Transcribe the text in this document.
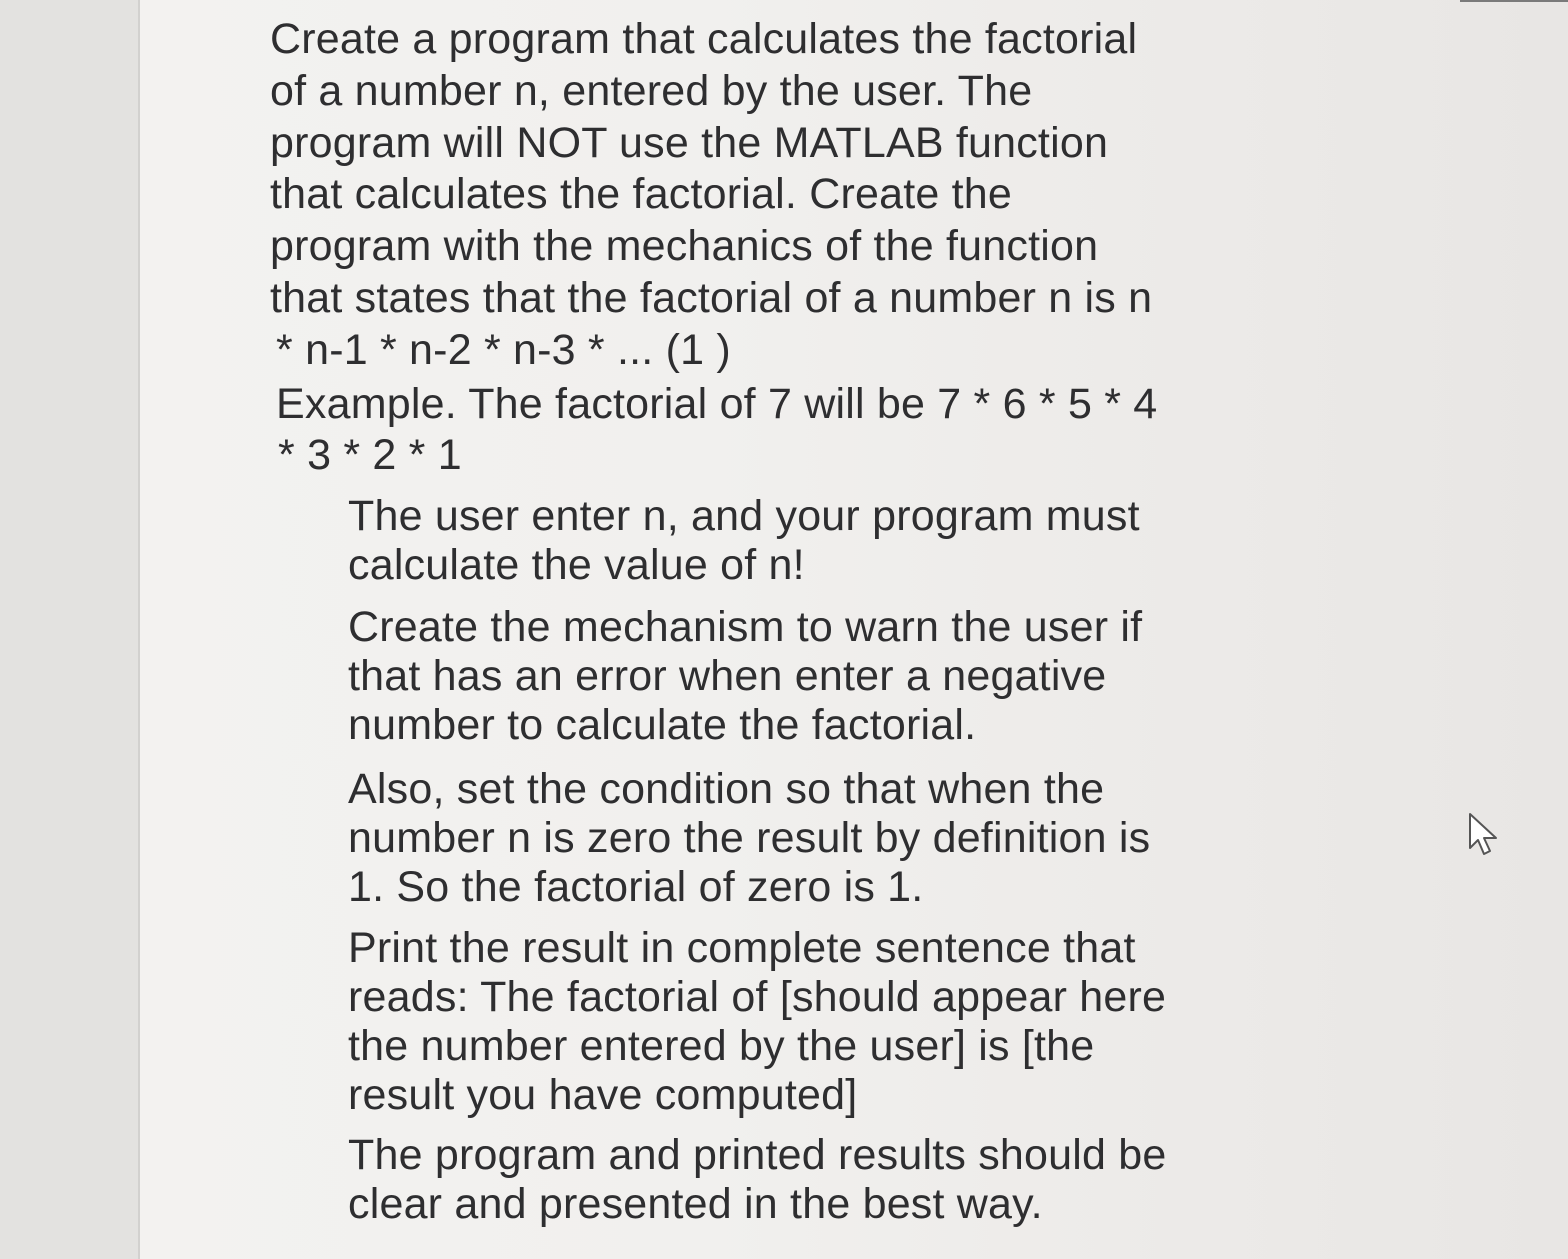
Create a program that calculates the factorial

of a number n, entered by the user. The

program will NOT use the MATLAB function

that calculates the factorial. Create the

program with the mechanics of the function

that states that the factorial of a number n is n

* n-1 * n-2 * n-3 * ... (1 )

Example. The factorial of 7 will be 7 * 6 * 5 * 4

* 3 * 2 * 1

The user enter n, and your program must

calculate the value of n!

Create the mechanism to warn the user if

that has an error when enter a negative

number to calculate the factorial.

Also, set the condition so that when the

number n is zero the result by definition is

1. So the factorial of zero is 1.

Print the result in complete sentence that

reads: The factorial of [should appear here

the number entered by the user] is [the

result you have computed]

The program and printed results should be

clear and presented in the best way.
